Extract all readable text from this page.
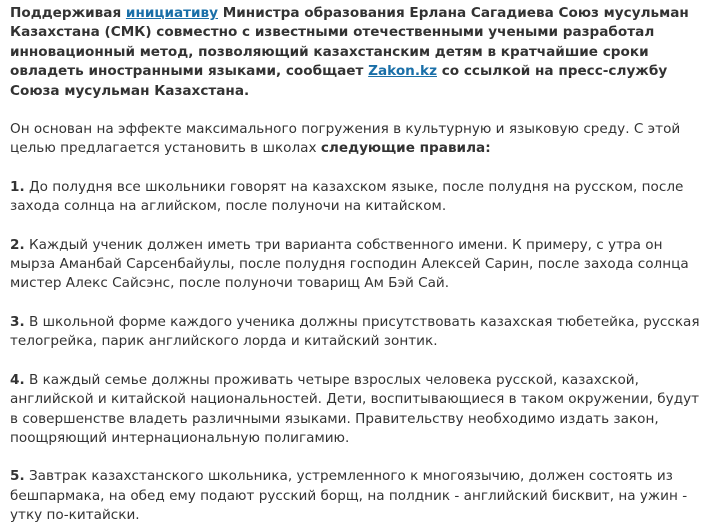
Поддерживая инициативу Министра образования Ерлана Сагадиева Союз мусульман Казахстана (СМК) совместно с известными отечественными учеными разработал инновационный метод, позволяющий казахстанским детям в кратчайшие сроки овладеть иностранными языками, сообщает Zakon.kz со ссылкой на пресс-службу Союза мусульман Казахстана.

Он основан на эффекте максимального погружения в культурную и языковую среду. С этой целью предлагается установить в школах следующие правила:

1. До полудня все школьники говорят на казахском языке, после полудня на русском, после захода солнца на аглийском, после полуночи на китайском.

2. Каждый ученик должен иметь три варианта собственного имени. К примеру, с утра он мырза Аманбай Сарсенбайулы, после полудня господин Алексей Сарин, после захода солнца мистер Алекс Сайсэнс, после полуночи товарищ Ам Бэй Сай.

3. В школьной форме каждого ученика должны присутствовать казахская тюбетейка, русская телогрейка, парик английского лорда и китайский зонтик.

4. В каждый семье должны проживать четыре взрослых человека русской, казахской, английской и китайской национальностей. Дети, воспитывающиеся в таком окружении, будут в совершенстве владеть различными языками. Правительству необходимо издать закон, поощряющий интернациональную полигамию.

5. Завтрак казахстанского школьника, устремленного к многоязычию, должен состоять из бешпармака, на обед ему подают русский борщ, на полдник - английский бисквит, на ужин - утку по-китайски.
